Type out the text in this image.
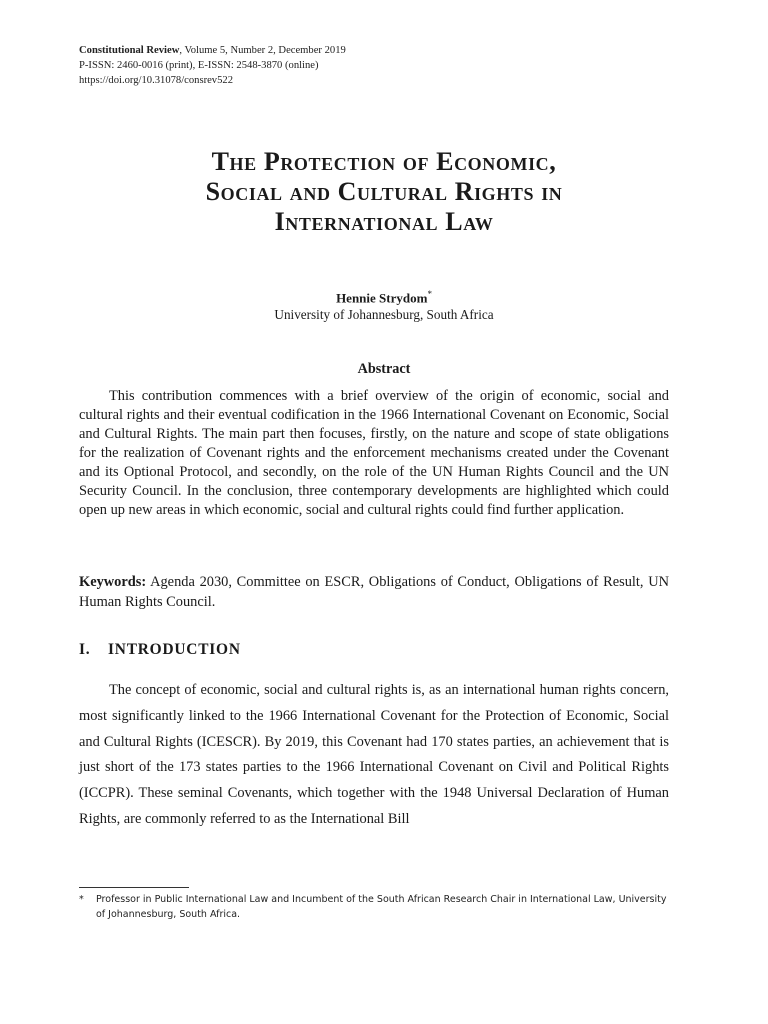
Constitutional Review, Volume 5, Number 2, December 2019
P-ISSN: 2460-0016 (print), E-ISSN: 2548-3870 (online)
https://doi.org/10.31078/consrev522
The Protection of Economic,
Social and Cultural Rights in
International Law
Hennie Strydom*
University of Johannesburg, South Africa
Abstract
This contribution commences with a brief overview of the origin of economic, social and cultural rights and their eventual codification in the 1966 International Covenant on Economic, Social and Cultural Rights. The main part then focuses, firstly, on the nature and scope of state obligations for the realization of Covenant rights and the enforcement mechanisms created under the Covenant and its Optional Protocol, and secondly, on the role of the UN Human Rights Council and the UN Security Council. In the conclusion, three contemporary developments are highlighted which could open up new areas in which economic, social and cultural rights could find further application.
Keywords: Agenda 2030, Committee on ESCR, Obligations of Conduct, Obligations of Result, UN Human Rights Council.
I. INTRODUCTION
The concept of economic, social and cultural rights is, as an international human rights concern, most significantly linked to the 1966 International Covenant for the Protection of Economic, Social and Cultural Rights (ICESCR). By 2019, this Covenant had 170 states parties, an achievement that is just short of the 173 states parties to the 1966 International Covenant on Civil and Political Rights (ICCPR). These seminal Covenants, which together with the 1948 Universal Declaration of Human Rights, are commonly referred to as the International Bill
* Professor in Public International Law and Incumbent of the South African Research Chair in International Law, University of Johannesburg, South Africa.
